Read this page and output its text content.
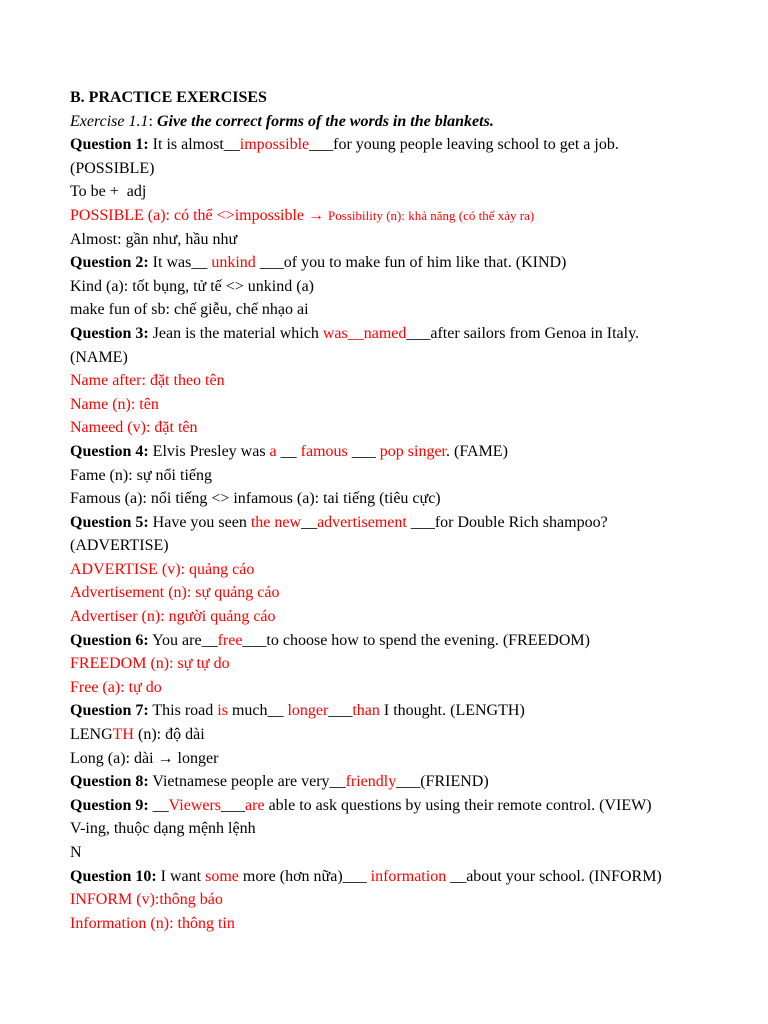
B. PRACTICE EXERCISES
Exercise 1.1: Give the correct forms of the words in the blankets.
Question 1: It is almost__impossible___for young people leaving school to get a job.
(POSSIBLE)
To be +  adj
POSSIBLE (a): có thể <>impossible → Possibility (n): khả năng (có thể xảy ra)
Almost: gần như, hầu như
Question 2: It was__ unkind ___of you to make fun of him like that. (KIND)
Kind (a): tốt bụng, tử tế <> unkind (a)
make fun of sb: chế giễu, chế nhạo ai
Question 3: Jean is the material which was__named___after sailors from Genoa in Italy.
(NAME)
Name after: đặt theo tên
Name (n): tên
Nameed (v): đặt tên
Question 4: Elvis Presley was a __ famous ___ pop singer. (FAME)
Fame (n): sự nổi tiếng
Famous (a): nổi tiếng <> infamous (a): tai tiếng (tiêu cực)
Question 5: Have you seen the new__advertisement ___for Double Rich shampoo?
(ADVERTISE)
ADVERTISE (v): quảng cáo
Advertisement (n): sự quảng cáo
Advertiser (n): người quảng cáo
Question 6: You are__free___to choose how to spend the evening. (FREEDOM)
FREEDOM (n): sự tự do
Free (a): tự do
Question 7: This road is much__ longer___than I thought. (LENGTH)
LENGTH (n): độ dài
Long (a): dài → longer
Question 8: Vietnamese people are very__friendly___(FRIEND)
Question 9: __Viewers___are able to ask questions by using their remote control. (VIEW)
V-ing, thuộc dạng mệnh lệnh
N
Question 10: I want some more (hơn nữa)___ information __about your school. (INFORM)
INFORM (v):thông báo
Information (n): thông tin
